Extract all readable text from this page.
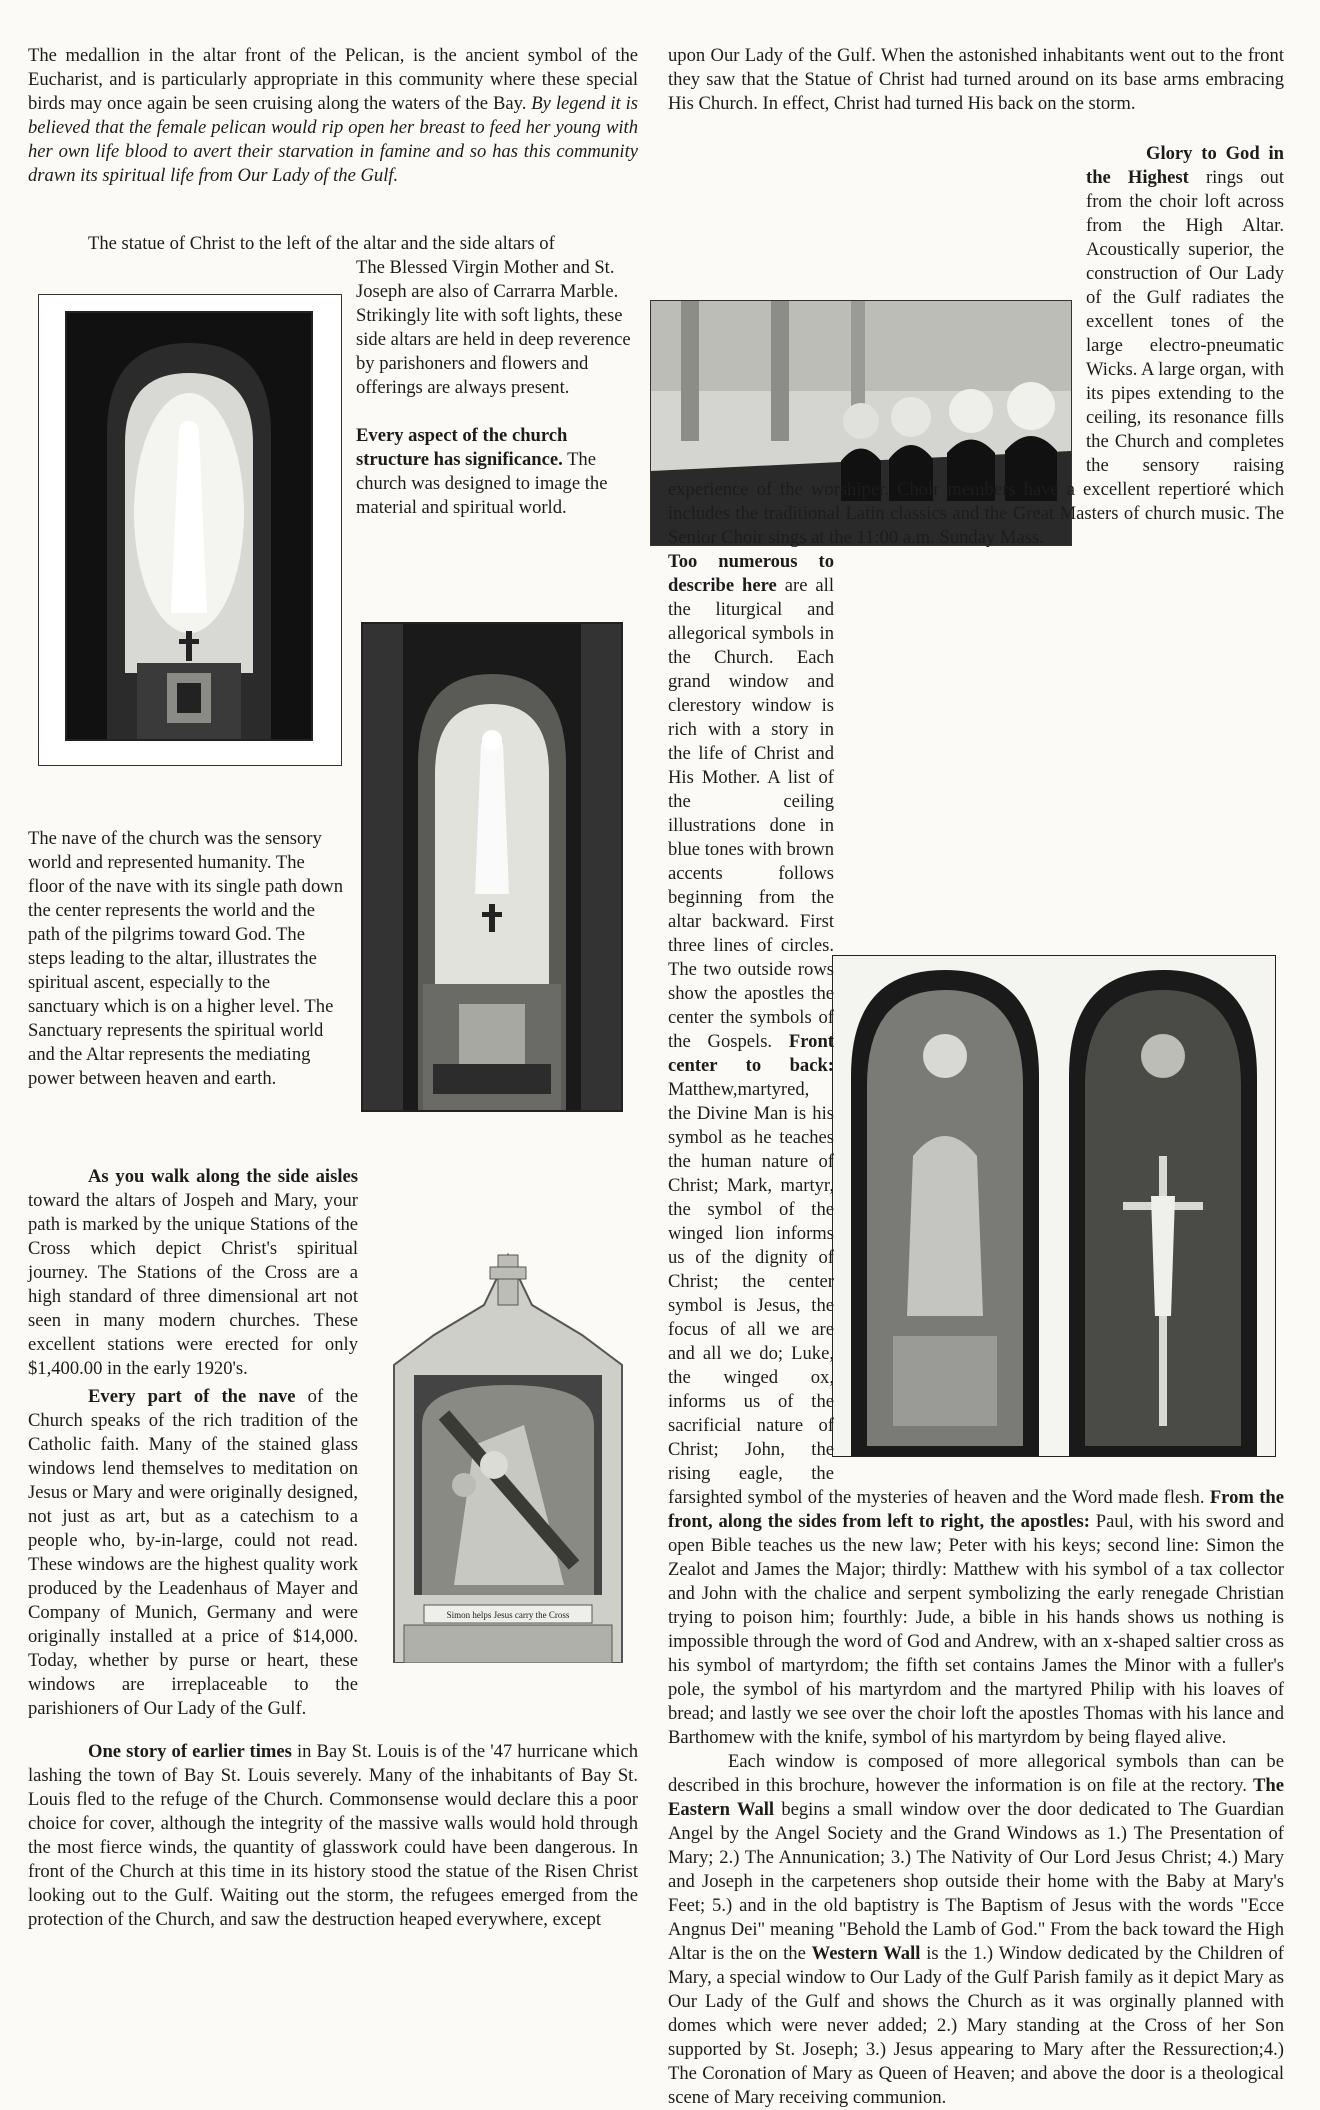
Simon helps Jesus carry the Cross

The medallion in the altar front of the Pelican, is the ancient symbol of the Eucharist, and is particularly appropriate in this community where these special birds may once again be seen cruising along the waters of the Bay. By legend it is believed that the female pelican would rip open her breast to feed her young with her own life blood to avert their starvation in famine and so has this community drawn its spiritual life from Our Lady of the Gulf.

The statue of Christ to the left of the altar and the side altars of

The Blessed Virgin Mother and St. Joseph are also of Carrarra Marble.

Strikingly lite with soft lights, these side altars are held in deep reverence by parishoners and flowers and offerings are always present.

Every aspect of the church structure has significance. The church was designed to image the material and spiritual world.

The nave of the church was the sensory world and represented humanity. The floor of the nave with its single path down the center represents the world and the path of the pilgrims toward God. The steps leading to the altar, illustrates the spiritual ascent, especially to the sanctuary which is on a higher level. The Sanctuary represents the spiritual world and the Altar represents the mediating power between heaven and earth.

As you walk along the side aisles toward the altars of Jospeh and Mary, your path is marked by the unique Stations of the Cross which depict Christ's spiritual journey. The Stations of the Cross are a high standard of three dimensional art not seen in many modern churches. These excellent stations were erected for only $1,400.00 in the early 1920's.

Every part of the nave of the Church speaks of the rich tradition of the Catholic faith. Many of the stained glass windows lend themselves to meditation on Jesus or Mary and were originally designed, not just as art, but as a catechism to a people who, by-in-large, could not read. These windows are the highest quality work produced by the Leadenhaus of Mayer and Company of Munich, Germany and were originally installed at a price of $14,000. Today, whether by purse or heart, these windows are irreplaceable to the parishioners of Our Lady of the Gulf.

One story of earlier times in Bay St. Louis is of the '47 hurricane which lashing the town of Bay St. Louis severely. Many of the inhabitants of Bay St. Louis fled to the refuge of the Church. Commonsense would declare this a poor choice for cover, although the integrity of the massive walls would hold through the most fierce winds, the quantity of glasswork could have been dangerous. In front of the Church at this time in its history stood the statue of the Risen Christ looking out to the Gulf. Waiting out the storm, the refugees emerged from the protection of the Church, and saw the destruction heaped everywhere, except

upon Our Lady of the Gulf. When the astonished inhabitants went out to the front they saw that the Statue of Christ had turned around on its base arms embracing His Church. In effect, Christ had turned His back on the storm.

Glory to God in the Highest rings out from the choir loft across from the High Altar. Acoustically superior, the construction of Our Lady of the Gulf radiates the excellent tones of the large electro-pneumatic Wicks. A large organ, with its pipes extending to the ceiling, its resonance fills the Church and completes the sensory raising experience of the worshiper. Choir members have a excellent repertioré which includes the traditional Latin classics and the Great Masters of church music. The Senior Choir sings at the 11:00 a.m. Sunday Mass.

Too numerous to describe here are all the liturgical and allegorical symbols in the Church. Each grand window and clerestory window is rich with a story in the life of Christ and His Mother. A list of the ceiling illustrations done in blue tones with brown accents follows beginning from the altar backward. First three lines of circles. The two outside rows show the apostles the center the symbols of the Gospels. Front center to back: Matthew,martyred, the Divine Man is his symbol as he teaches the human nature of Christ; Mark, martyr, the symbol of the winged lion informs us of the dignity of Christ; the center symbol is Jesus, the focus of all we are and all we do; Luke, the winged ox, informs us of the sacrificial nature of Christ; John, the rising eagle, the farsighted symbol of the mysteries of heaven and the Word made flesh. From the front, along the sides from left to right, the apostles: Paul, with his sword and open Bible teaches us the new law; Peter with his keys; second line: Simon the Zealot and James the Major; thirdly: Matthew with his symbol of a tax collector and John with the chalice and serpent symbolizing the early renegade Christian trying to poison him; fourthly: Jude, a bible in his hands shows us nothing is impossible through the word of God and Andrew, with an x-shaped saltier cross as his symbol of martyrdom; the fifth set contains James the Minor with a fuller's pole, the symbol of his martyrdom and the martyred Philip with his loaves of bread; and lastly we see over the choir loft the apostles Thomas with his lance and Barthomew with the knife, symbol of his martyrdom by being flayed alive.

Each window is composed of more allegorical symbols than can be described in this brochure, however the information is on file at the rectory. The Eastern Wall begins a small window over the door dedicated to The Guardian Angel by the Angel Society and the Grand Windows as 1.) The Presentation of Mary; 2.) The Annunication; 3.) The Nativity of Our Lord Jesus Christ; 4.) Mary and Joseph in the carpeteners shop outside their home with the Baby at Mary's Feet; 5.) and in the old baptistry is The Baptism of Jesus with the words "Ecce Angnus Dei" meaning "Behold the Lamb of God." From the back toward the High Altar is the on the Western Wall is the 1.) Window dedicated by the Children of Mary, a special window to Our Lady of the Gulf Parish family as it depict Mary as Our Lady of the Gulf and shows the Church as it was orginally planned with domes which were never added; 2.) Mary standing at the Cross of her Son supported by St. Joseph; 3.) Jesus appearing to Mary after the Ressurection;4.) The Coronation of Mary as Queen of Heaven; and above the door is a theological scene of Mary receiving communion.
